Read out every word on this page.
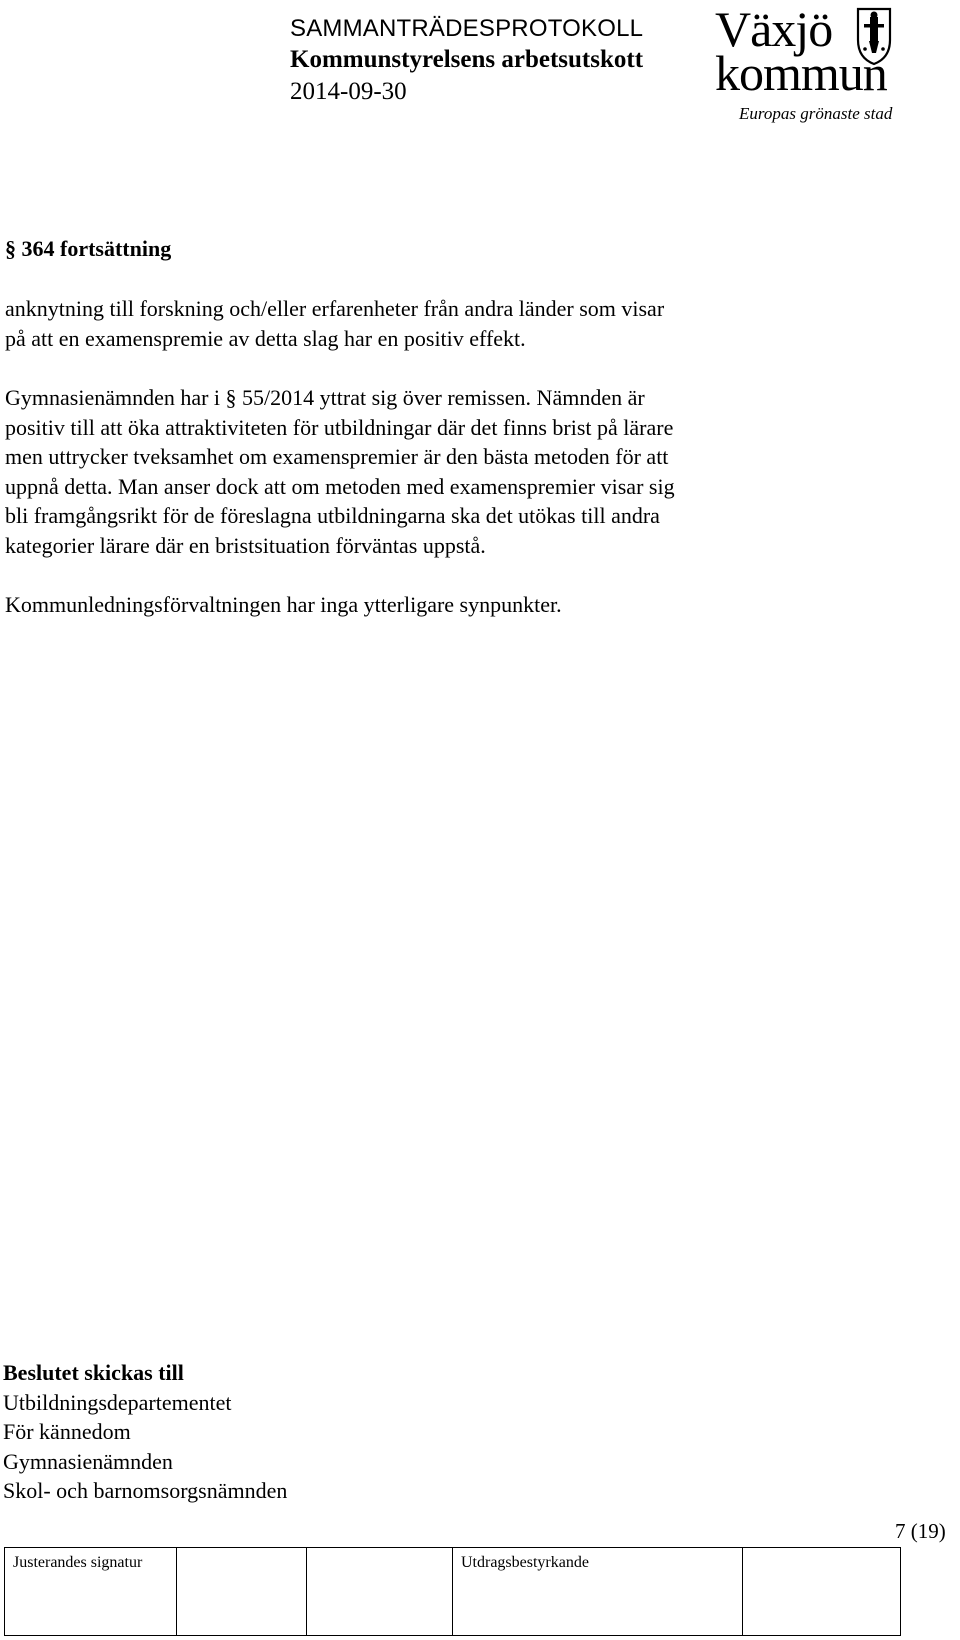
SAMMANTRÄDESPROTOKOLL
Kommunstyrelsens arbetsutskott
2014-09-30
Växjö
kommun
Europas grönaste stad
§ 364 fortsättning
anknytning till forskning och/eller erfarenheter från andra länder som visar
på att en examenspremie av detta slag har en positiv effekt.
Gymnasienämnden har i § 55/2014 yttrat sig över remissen. Nämnden är
positiv till att öka attraktiviteten för utbildningar där det finns brist på lärare
men uttrycker tveksamhet om examenspremier är den bästa metoden för att
uppnå detta. Man anser dock att om metoden med examenspremier visar sig
bli framgångsrikt för de föreslagna utbildningarna ska det utökas till andra
kategorier lärare där en bristsituation förväntas uppstå.
Kommunledningsförvaltningen har inga ytterligare synpunkter.
Beslutet skickas till
Utbildningsdepartementet
För kännedom
Gymnasienämnden
Skol- och barnomsorgsnämnden
7 (19)
Justerandes signatur			Utdragsbestyrkande	
